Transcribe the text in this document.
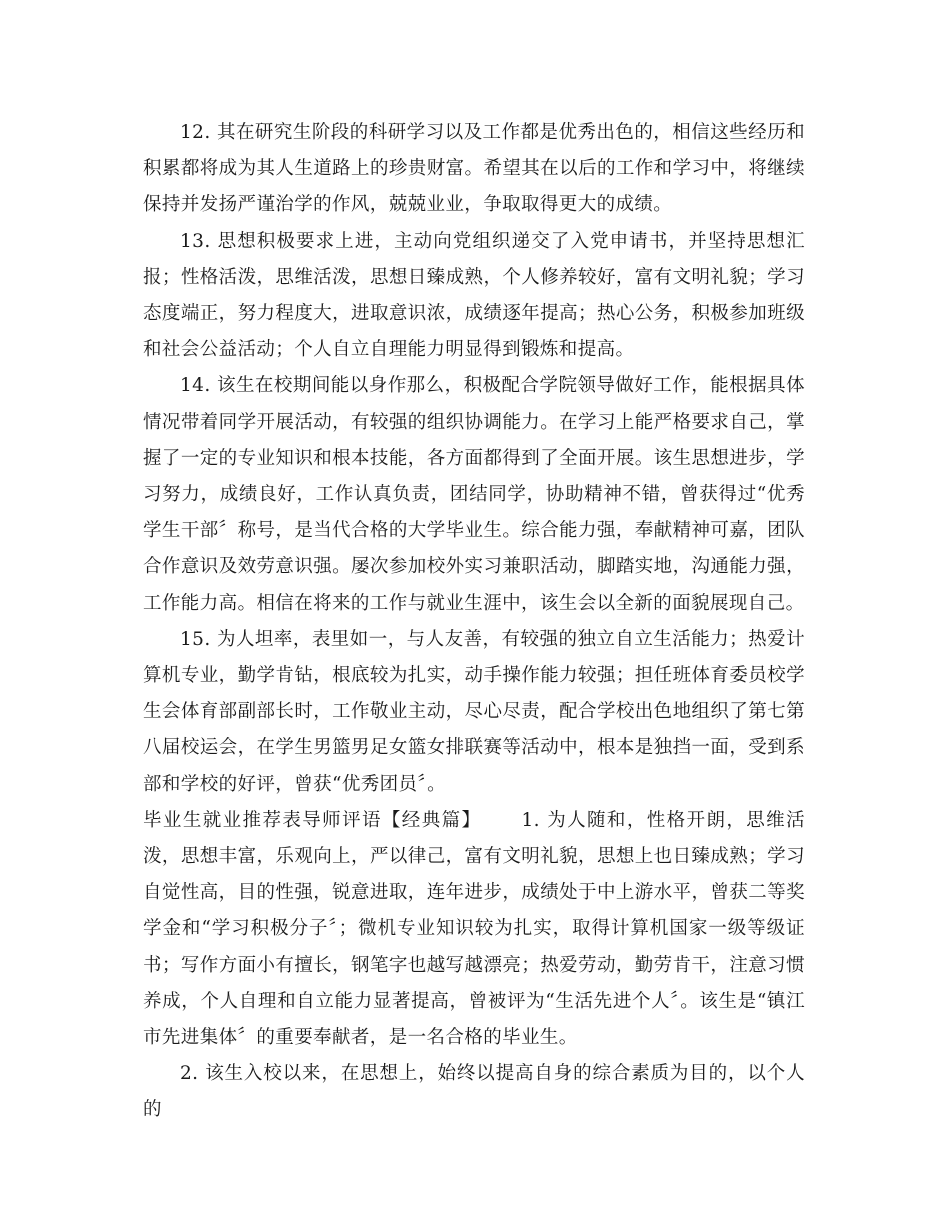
12. 其在研究生阶段的科研学习以及工作都是优秀出色的，相信这些经历和积累都将成为其人生道路上的珍贵财富。希望其在以后的工作和学习中，将继续保持并发扬严谨治学的作风，兢兢业业，争取取得更大的成绩。

13. 思想积极要求上进，主动向党组织递交了入党申请书，并坚持思想汇报；性格活泼，思维活泼，思想日臻成熟，个人修养较好，富有文明礼貌；学习态度端正，努力程度大，进取意识浓，成绩逐年提高；热心公务，积极参加班级和社会公益活动；个人自立自理能力明显得到锻炼和提高。

14. 该生在校期间能以身作那么，积极配合学院领导做好工作，能根据具体情况带着同学开展活动，有较强的组织协调能力。在学习上能严格要求自己，掌握了一定的专业知识和根本技能，各方面都得到了全面开展。该生思想进步，学习努力，成绩良好，工作认真负责，团结同学，协助精神不错，曾获得过“优秀学生干部〞称号，是当代合格的大学毕业生。综合能力强，奉献精神可嘉，团队合作意识及效劳意识强。屡次参加校外实习兼职活动，脚踏实地，沟通能力强，工作能力高。相信在将来的工作与就业生涯中，该生会以全新的面貌展现自己。

15. 为人坦率，表里如一，与人友善，有较强的独立自立生活能力；热爱计算机专业，勤学肯钻，根底较为扎实，动手操作能力较强；担任班体育委员校学生会体育部副部长时，工作敬业主动，尽心尽责，配合学校出色地组织了第七第八届校运会，在学生男篮男足女篮女排联赛等活动中，根本是独挡一面，受到系部和学校的好评，曾获“优秀团员〞。

毕业生就业推荐表导师评语【经典篇】 1. 为人随和，性格开朗，思维活泼，思想丰富，乐观向上，严以律己，富有文明礼貌，思想上也日臻成熟；学习自觉性高，目的性强，锐意进取，连年进步，成绩处于中上游水平，曾获二等奖学金和“学习积极分子〞；微机专业知识较为扎实，取得计算机国家一级等级证书；写作方面小有擅长，钢笔字也越写越漂亮；热爱劳动，勤劳肯干，注意习惯养成，个人自理和自立能力显著提高，曾被评为“生活先进个人〞。该生是“镇江市先进集体〞的重要奉献者，是一名合格的毕业生。

2. 该生入校以来，在思想上，始终以提高自身的综合素质为目的，以个人的
